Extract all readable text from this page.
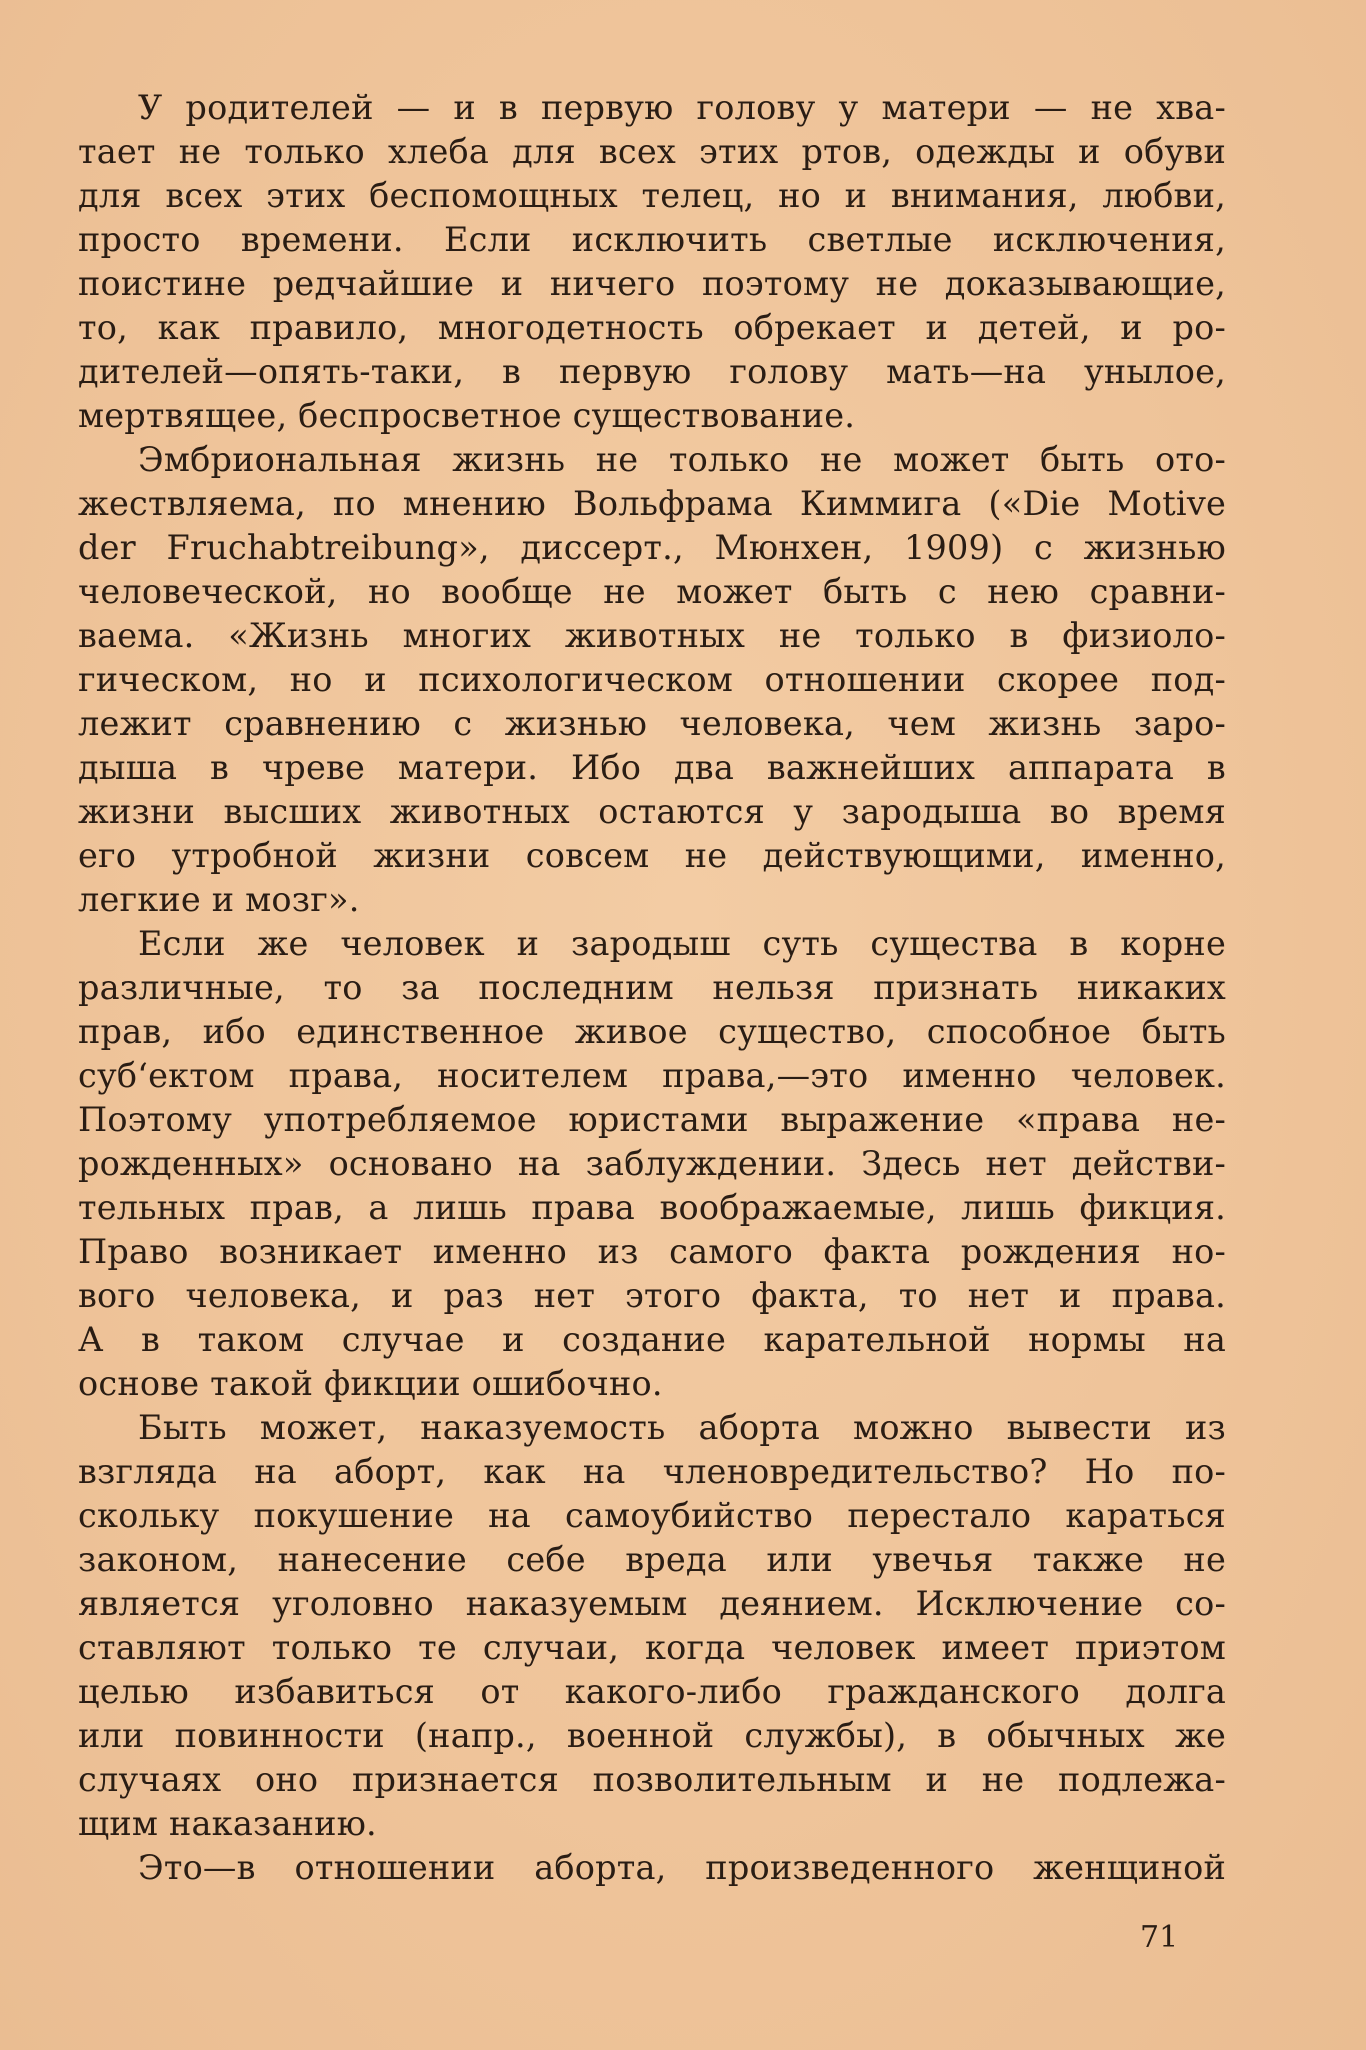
У родителей — и в первую голову у матери — не хва-
тает не только хлеба для всех этих ртов, одежды и обуви
для всех этих беспомощных телец, но и внимания, любви,
просто времени. Если исключить светлые исключения,
поистине редчайшие и ничего поэтому не доказывающие,
то, как правило, многодетность обрекает и детей, и ро-
дителей—опять-таки, в первую голову мать—на унылое,
мертвящее, беспросветное существование.
Эмбриональная жизнь не только не может быть ото-
жествляема, по мнению Вольфрама Киммига («Die Motive
der Fruchabtreibung», диссерт., Мюнхен, 1909) с жизнью
человеческой, но вообще не может быть с нею сравни-
ваема. «Жизнь многих животных не только в физиоло-
гическом, но и психологическом отношении скорее под-
лежит сравнению с жизнью человека, чем жизнь заро-
дыша в чреве матери. Ибо два важнейших аппарата в
жизни высших животных остаются у зародыша во время
его утробной жизни совсем не действующими, именно,
легкие и мозг».
Если же человек и зародыш суть существа в корне
различные, то за последним нельзя признать никаких
прав, ибо единственное живое существо, способное быть
суб‘ектом права, носителем права,—это именно человек.
Поэтому употребляемое юристами выражение «права не-
рожденных» основано на заблуждении. Здесь нет действи-
тельных прав, а лишь права воображаемые, лишь фикция.
Право возникает именно из самого факта рождения но-
вого человека, и раз нет этого факта, то нет и права.
А в таком случае и создание карательной нормы на
основе такой фикции ошибочно.
Быть может, наказуемость аборта можно вывести из
взгляда на аборт, как на членовредительство? Но по-
скольку покушение на самоубийство перестало караться
законом, нанесение себе вреда или увечья также не
является уголовно наказуемым деянием. Исключение со-
ставляют только те случаи, когда человек имеет приэтом
целью избавиться от какого-либо гражданского долга
или повинности (напр., военной службы), в обычных же
случаях оно признается позволительным и не подлежа-
щим наказанию.
Это—в отношении аборта, произведенного женщиной
71
